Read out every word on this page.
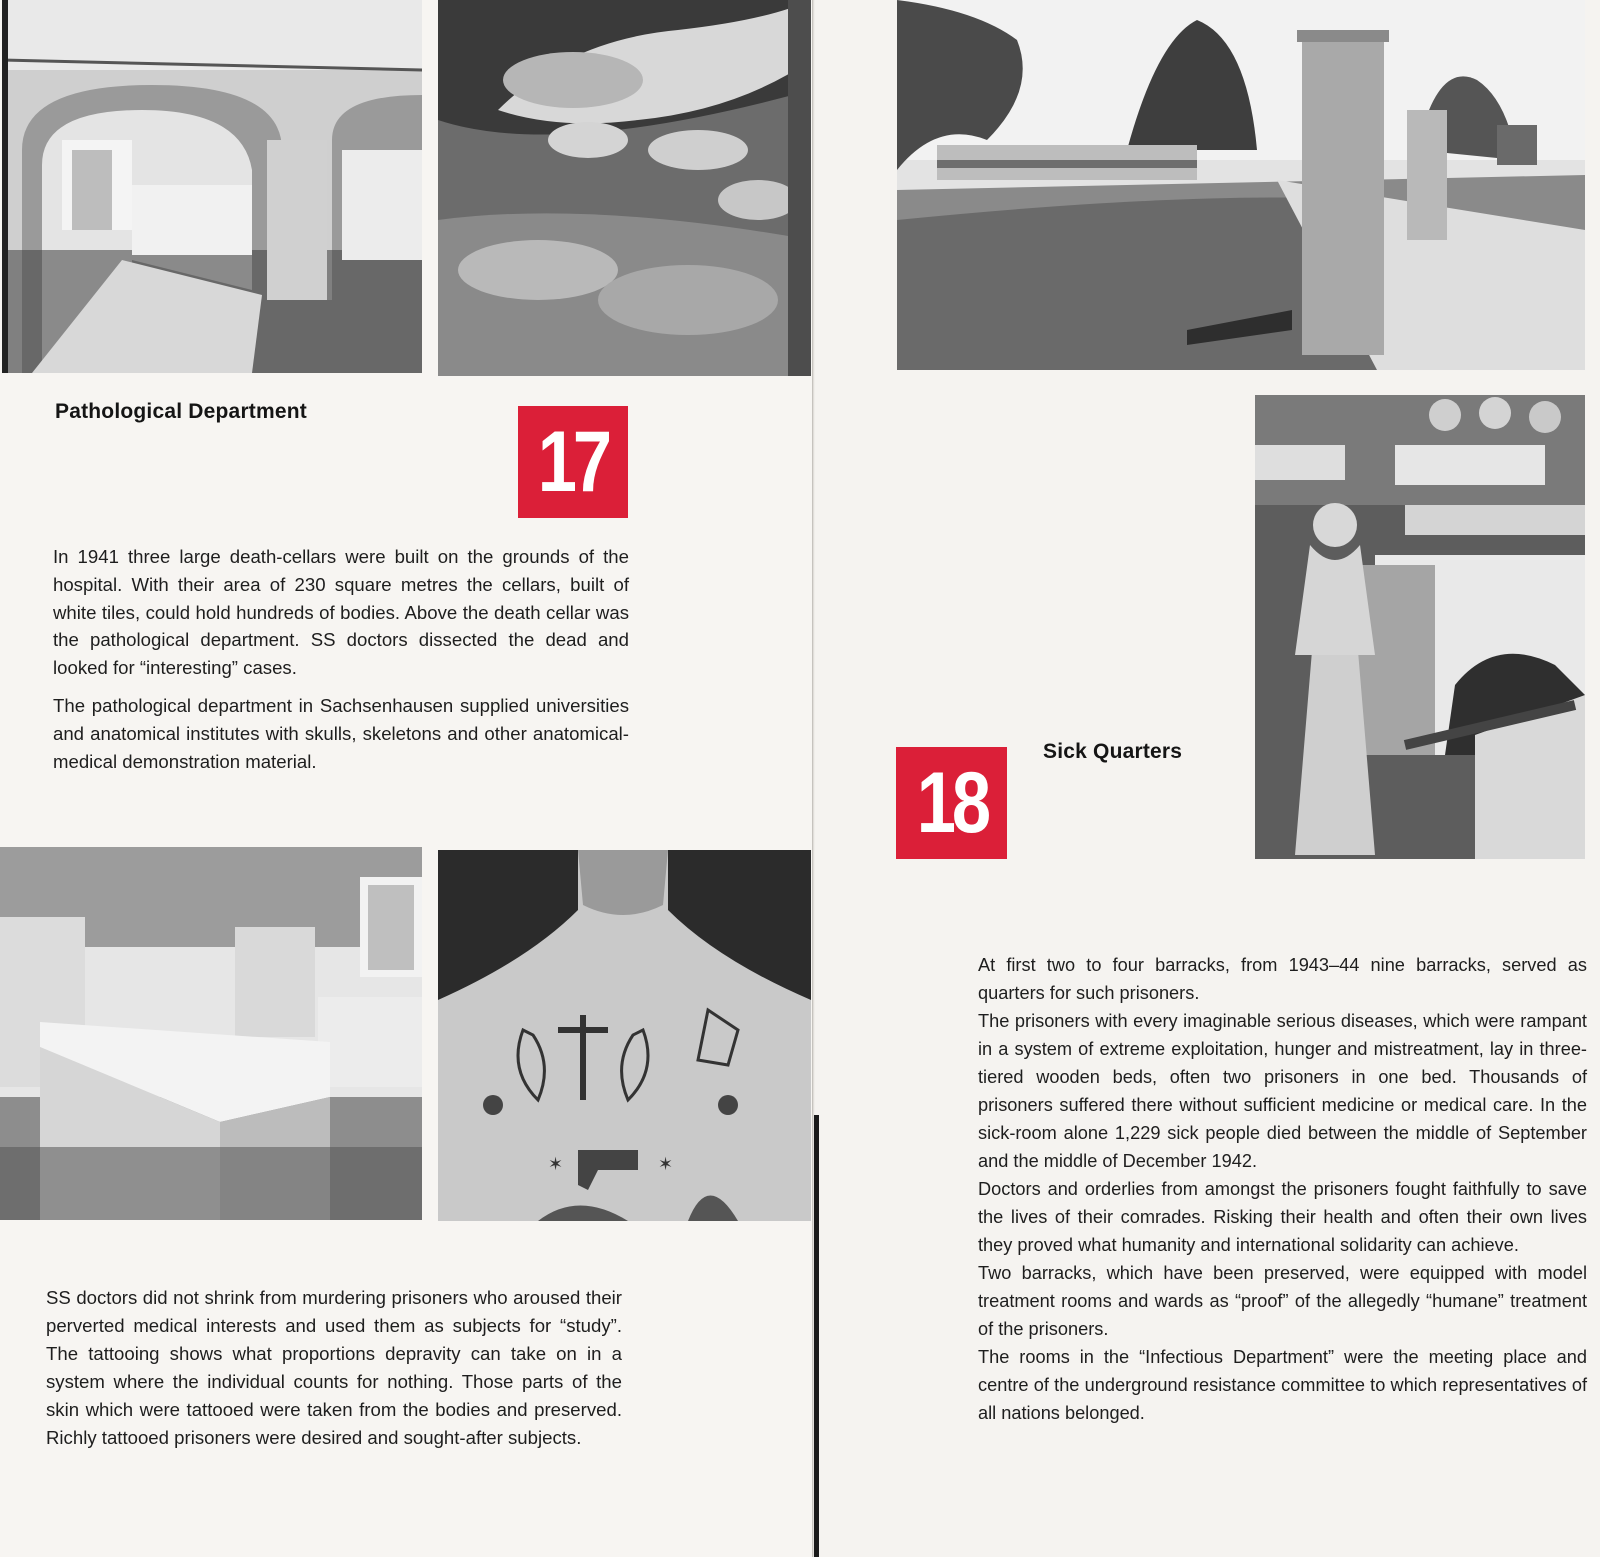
✶	✶
Pathological Department
17

In 1941 three large death-cellars were built on the grounds of the hospital. With their area of 230 square metres the cellars, built of white tiles, could hold hundreds of bodies. Above the death cellar was the pathological department. SS doctors dissected the dead and looked for “interesting” cases.

The pathological department in Sachsenhausen supplied universities and anatomical institutes with skulls, skeletons and other anatomical-medical demonstration material.

SS doctors did not shrink from murdering prisoners who aroused their perverted medical interests and used them as subjects for “study”. The tattooing shows what proportions depravity can take on in a system where the individual counts for nothing. Those parts of the skin which were tattooed were taken from the bodies and preserved. Richly tattooed prisoners were desired and sought-after subjects.

18
Sick Quarters

At first two to four barracks, from 1943–44 nine barracks, served as quarters for such prisoners.

The prisoners with every imaginable serious diseases, which were rampant in a system of extreme exploitation, hunger and mistreatment, lay in three-tiered wooden beds, often two prisoners in one bed. Thousands of prisoners suffered there without sufficient medicine or medical care. In the sick-room alone 1,229 sick people died between the middle of September and the middle of December 1942.

Doctors and orderlies from amongst the prisoners fought faithfully to save the lives of their comrades. Risking their health and often their own lives they proved what humanity and international solidarity can achieve.

Two barracks, which have been preserved, were equipped with model treatment rooms and wards as “proof” of the allegedly “humane” treatment of the prisoners.

The rooms in the “Infectious Department” were the meeting place and centre of the underground resistance committee to which representatives of all nations belonged.
